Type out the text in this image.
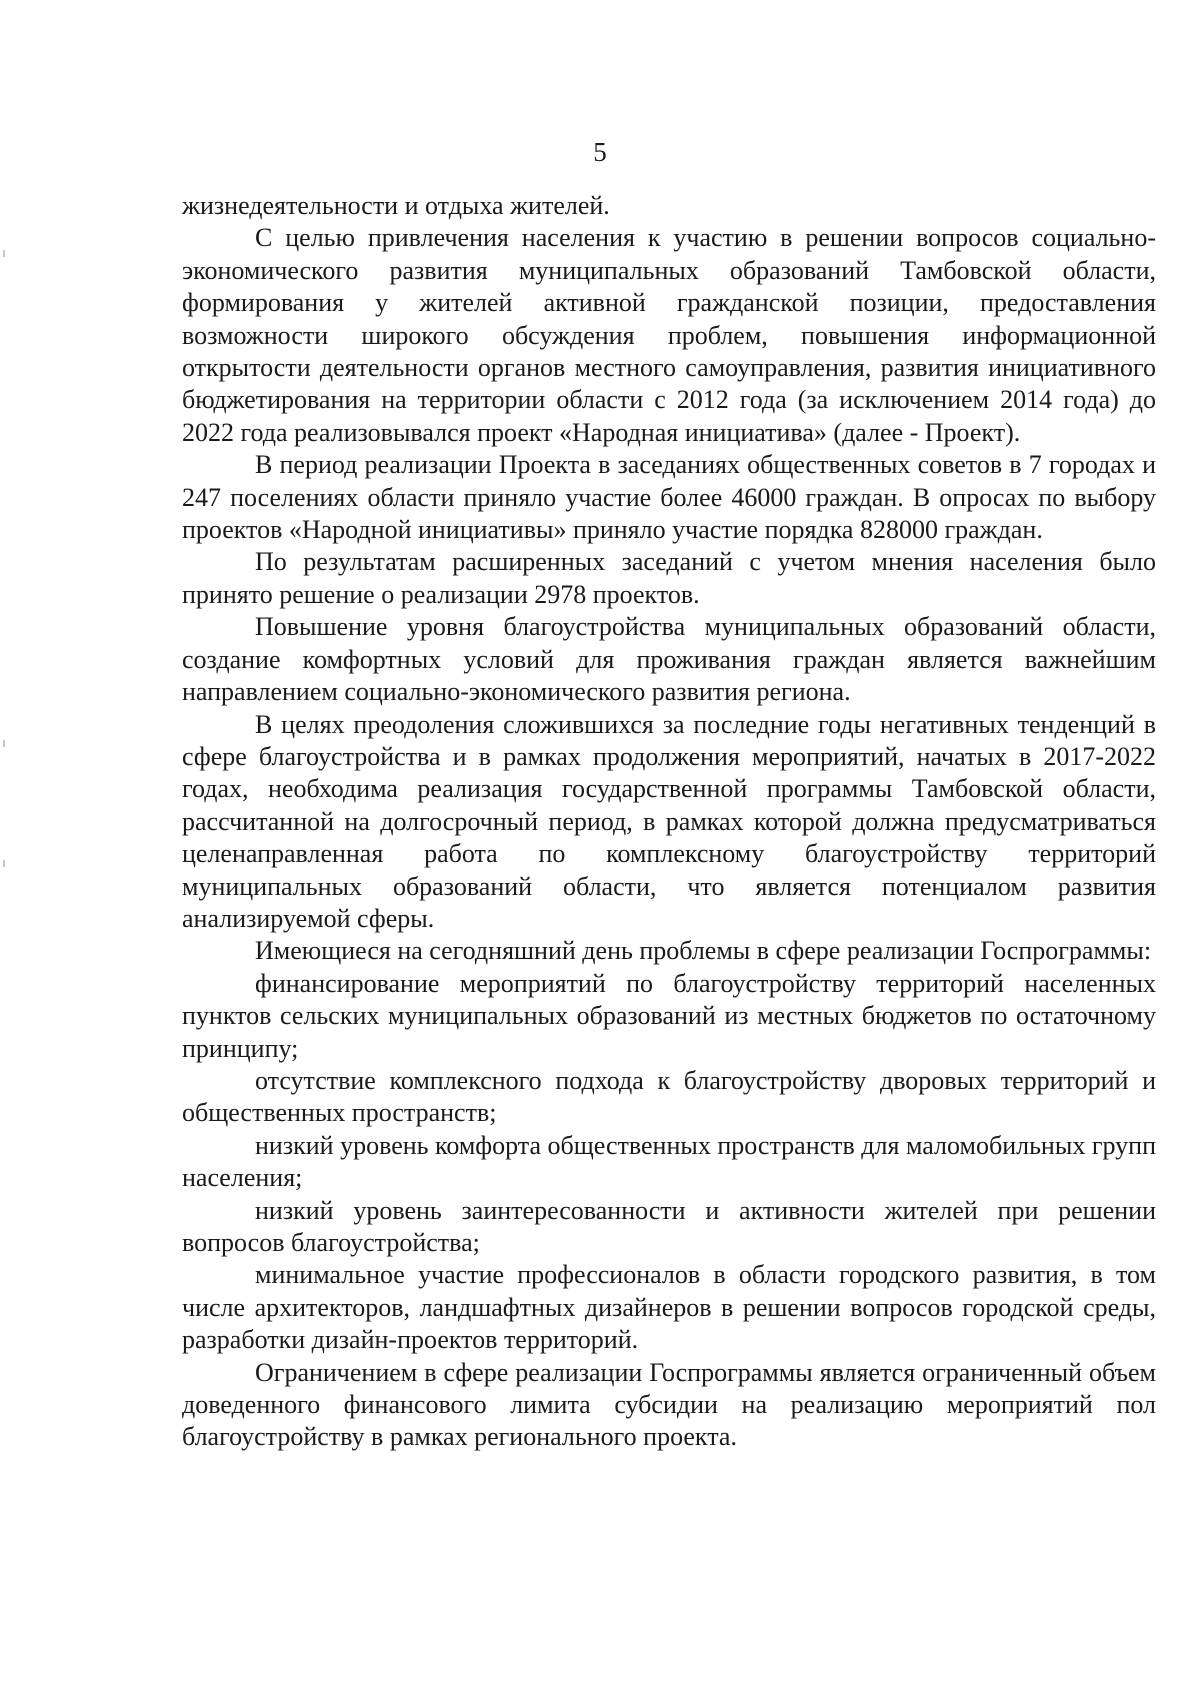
5

жизнедеятельности и отдыха жителей.

С целью привлечения населения к участию в решении вопросов социально-экономического развития муниципальных образований Тамбовской области, формирования у жителей активной гражданской позиции, предоставления возможности широкого обсуждения проблем, повышения информационной открытости деятельности органов местного самоуправления, развития инициативного бюджетирования на территории области с 2012 года (за исключением 2014 года) до 2022 года реализовывался проект «Народная инициатива» (далее - Проект).

В период реализации Проекта в заседаниях общественных советов в 7 городах и 247 поселениях области приняло участие более 46000 граждан. В опросах по выбору проектов «Народной инициативы» приняло участие порядка 828000 граждан.

По результатам расширенных заседаний с учетом мнения населения было принято решение о реализации 2978 проектов.

Повышение уровня благоустройства муниципальных образований области, создание комфортных условий для проживания граждан является важнейшим направлением социально-экономического развития региона.

В целях преодоления сложившихся за последние годы негативных тенденций в сфере благоустройства и в рамках продолжения мероприятий, начатых в 2017-2022 годах, необходима реализация государственной программы Тамбовской области, рассчитанной на долгосрочный период, в рамках которой должна предусматриваться целенаправленная работа по комплексному благоустройству территорий муниципальных образований области, что является потенциалом развития анализируемой сферы.

Имеющиеся на сегодняшний день проблемы в сфере реализации Госпрограммы:

финансирование мероприятий по благоустройству территорий населенных пунктов сельских муниципальных образований из местных бюджетов по остаточному принципу;

отсутствие комплексного подхода к благоустройству дворовых территорий и общественных пространств;

низкий уровень комфорта общественных пространств для маломобильных групп населения;

низкий уровень заинтересованности и активности жителей при решении вопросов благоустройства;

минимальное участие профессионалов в области городского развития, в том числе архитекторов, ландшафтных дизайнеров в решении вопросов городской среды, разработки дизайн-проектов территорий.

Ограничением в сфере реализации Госпрограммы является ограниченный объем доведенного финансового лимита субсидии на реализацию мероприятий пол благоустройству в рамках регионального проекта.
